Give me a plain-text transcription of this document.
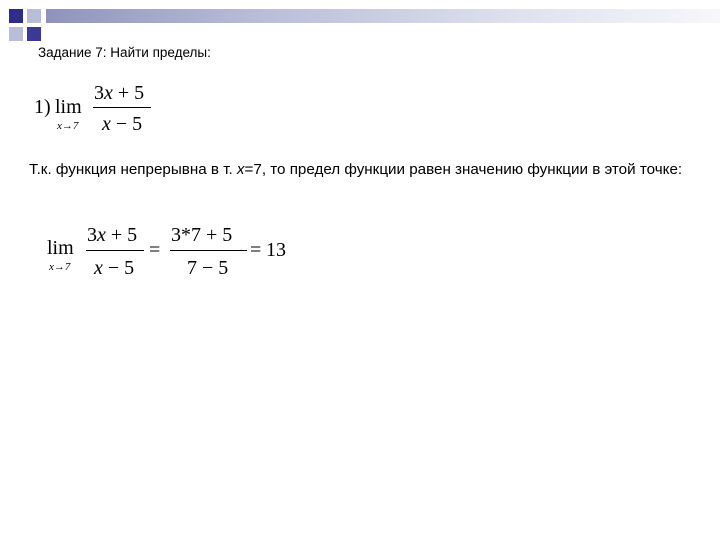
Задание 7: Найти пределы:
1) lim
x→7
3x + 5
x − 5
Т.к. функция непрерывна в т. x=7, то предел функции равен значению функции в этой точке:
lim
x→7
3x + 5
x − 5
=
3*7 + 5
7 − 5
= 13
